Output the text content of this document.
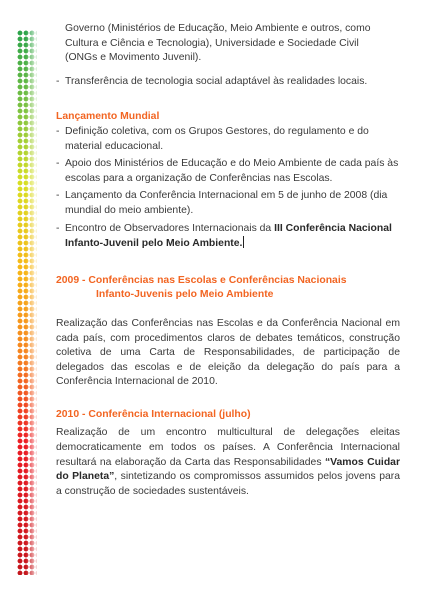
Governo (Ministérios de Educação, Meio Ambiente e outros, como

Cultura e Ciência e Tecnologia), Universidade e Sociedade Civil

(ONGs e Movimento Juvenil).

- Transferência de tecnologia social adaptável às realidades locais.

Lançamento Mundial

- Definição coletiva, com os Grupos Gestores, do regulamento e do material educacional.

- Apoio dos Ministérios de Educação e do Meio Ambiente de cada país às escolas para a organização de Conferências nas Escolas.

- Lançamento da Conferência Internacional em 5 de junho de 2008 (dia mundial do meio ambiente).

- Encontro de Observadores Internacionais da III Conferência Nacional Infanto-Juvenil pelo Meio Ambiente.

2009 - Conferências nas Escolas e Conferências Nacionais
Infanto-Juvenis pelo Meio Ambiente

Realização das Conferências nas Escolas e da Conferência Nacional em cada país, com procedimentos claros de debates temáticos, construção coletiva de uma Carta de Responsabilidades, de participação de delegados das escolas e de eleição da delegação do país para a Conferência Internacional de 2010.

2010 - Conferência Internacional (julho)

Realização de um encontro multicultural de delegações eleitas democraticamente em todos os países. A Conferência Internacional resultará na elaboração da Carta das Responsabilidades “Vamos Cuidar do Planeta”, sintetizando os compromissos assumidos pelos jovens para a construção de sociedades sustentáveis.
